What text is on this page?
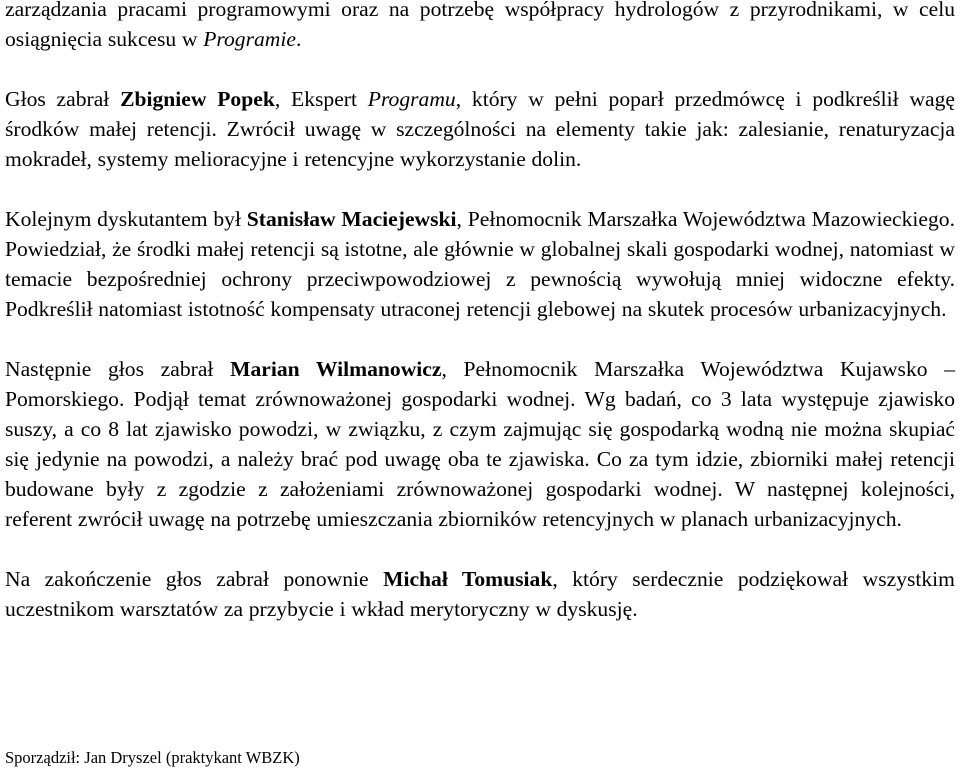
zarządzania pracami programowymi oraz na potrzebę współpracy hydrologów z przyrodnikami, w celu osiągnięcia sukcesu w Programie.

Głos zabrał Zbigniew Popek, Ekspert Programu, który w pełni poparł przedmówcę i podkreślił wagę środków małej retencji. Zwrócił uwagę w szczególności na elementy takie jak: zalesianie, renaturyzacja mokradeł, systemy melioracyjne i retencyjne wykorzystanie dolin.

Kolejnym dyskutantem był Stanisław Maciejewski, Pełnomocnik Marszałka Województwa Mazowieckiego. Powiedział, że środki małej retencji są istotne, ale głównie w globalnej skali gospodarki wodnej, natomiast w temacie bezpośredniej ochrony przeciwpowodziowej z pewnością wywołują mniej widoczne efekty. Podkreślił natomiast istotność kompensaty utraconej retencji glebowej na skutek procesów urbanizacyjnych.

Następnie głos zabrał Marian Wilmanowicz, Pełnomocnik Marszałka Województwa Kujawsko – Pomorskiego. Podjął temat zrównoważonej gospodarki wodnej. Wg badań, co 3 lata występuje zjawisko suszy, a co 8 lat zjawisko powodzi, w związku, z czym zajmując się gospodarką wodną nie można skupiać się jedynie na powodzi, a należy brać pod uwagę oba te zjawiska. Co za tym idzie, zbiorniki małej retencji budowane były z zgodzie z założeniami zrównoważonej gospodarki wodnej. W następnej kolejności, referent zwrócił uwagę na potrzebę umieszczania zbiorników retencyjnych w planach urbanizacyjnych.

Na zakończenie głos zabrał ponownie Michał Tomusiak, który serdecznie podziękował wszystkim uczestnikom warsztatów za przybycie i wkład merytoryczny w dyskusję.

Sporządził: Jan Dryszel (praktykant WBZK)
